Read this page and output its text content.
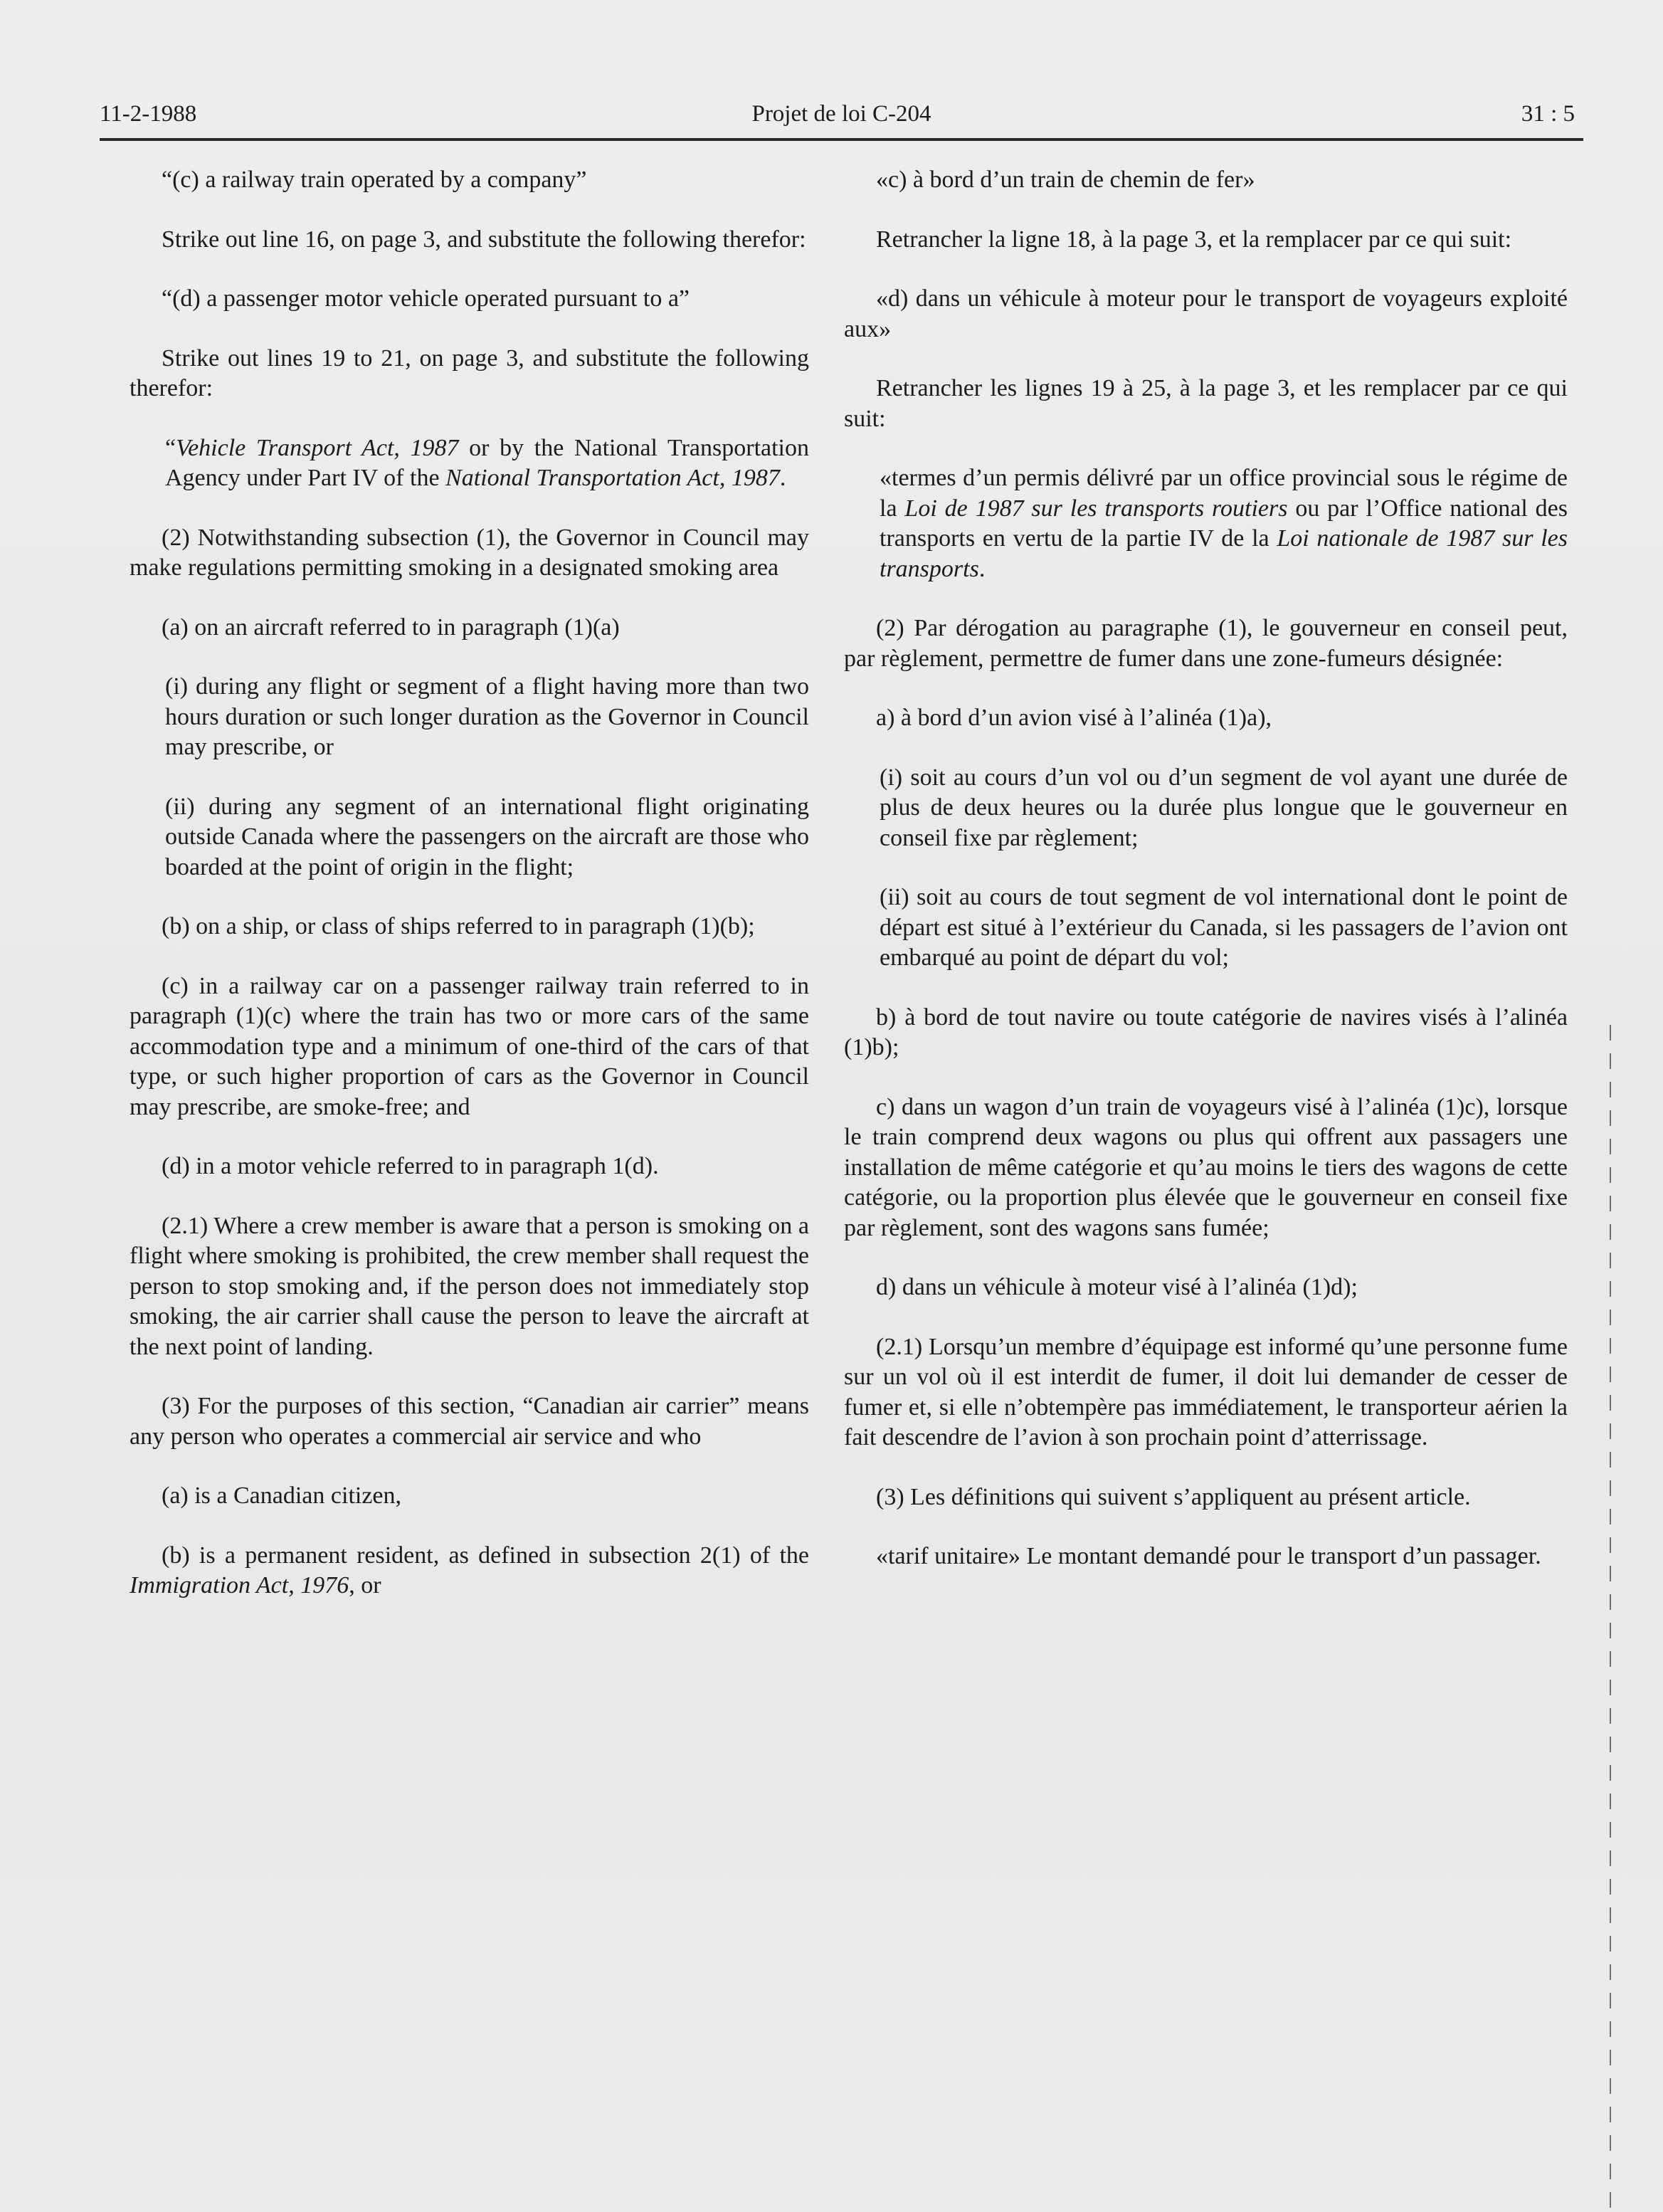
11-2-1988	Projet de loi C-204	31 : 5

“(c) a railway train operated by a company”

Strike out line 16, on page 3, and substitute the following therefor:

“(d) a passenger motor vehicle operated pursuant to a”

Strike out lines 19 to 21, on page 3, and substitute the following therefor:

“Vehicle Transport Act, 1987 or by the National Transportation Agency under Part IV of the National Transportation Act, 1987.

(2) Notwithstanding subsection (1), the Governor in Council may make regulations permitting smoking in a designated smoking area

(a) on an aircraft referred to in paragraph (1)(a)

(i) during any flight or segment of a flight having more than two hours duration or such longer duration as the Governor in Council may prescribe, or

(ii) during any segment of an international flight originating outside Canada where the passengers on the aircraft are those who boarded at the point of origin in the flight;

(b) on a ship, or class of ships referred to in paragraph (1)(b);

(c) in a railway car on a passenger railway train referred to in paragraph (1)(c) where the train has two or more cars of the same accommodation type and a minimum of one-third of the cars of that type, or such higher proportion of cars as the Governor in Council may prescribe, are smoke-free; and

(d) in a motor vehicle referred to in paragraph 1(d).

(2.1) Where a crew member is aware that a person is smoking on a flight where smoking is prohibited, the crew member shall request the person to stop smoking and, if the person does not immediately stop smoking, the air carrier shall cause the person to leave the aircraft at the next point of landing.

(3) For the purposes of this section, “Canadian air carrier” means any person who operates a commercial air service and who

(a) is a Canadian citizen,

(b) is a permanent resident, as defined in subsection 2(1) of the Immigration Act, 1976, or

«c) à bord d’un train de chemin de fer»

Retrancher la ligne 18, à la page 3, et la remplacer par ce qui suit:

«d) dans un véhicule à moteur pour le transport de voyageurs exploité aux»

Retrancher les lignes 19 à 25, à la page 3, et les remplacer par ce qui suit:

«termes d’un permis délivré par un office provincial sous le régime de la Loi de 1987 sur les transports routiers ou par l’Office national des transports en vertu de la partie IV de la Loi nationale de 1987 sur les transports.

(2) Par dérogation au paragraphe (1), le gouverneur en conseil peut, par règlement, permettre de fumer dans une zone-fumeurs désignée:

a) à bord d’un avion visé à l’alinéa (1)a),

(i) soit au cours d’un vol ou d’un segment de vol ayant une durée de plus de deux heures ou la durée plus longue que le gouverneur en conseil fixe par règlement;

(ii) soit au cours de tout segment de vol international dont le point de départ est situé à l’extérieur du Canada, si les passagers de l’avion ont embarqué au point de départ du vol;

b) à bord de tout navire ou toute catégorie de navires visés à l’alinéa (1)b);

c) dans un wagon d’un train de voyageurs visé à l’alinéa (1)c), lorsque le train comprend deux wagons ou plus qui offrent aux passagers une installation de même catégorie et qu’au moins le tiers des wagons de cette catégorie, ou la proportion plus élevée que le gouverneur en conseil fixe par règlement, sont des wagons sans fumée;

d) dans un véhicule à moteur visé à l’alinéa (1)d);

(2.1) Lorsqu’un membre d’équipage est informé qu’une personne fume sur un vol où il est interdit de fumer, il doit lui demander de cesser de fumer et, si elle n’obtempère pas immédiatement, le transporteur aérien la fait descendre de l’avion à son prochain point d’atterrissage.

(3) Les définitions qui suivent s’appliquent au présent article.

«tarif unitaire» Le montant demandé pour le transport d’un passager.
